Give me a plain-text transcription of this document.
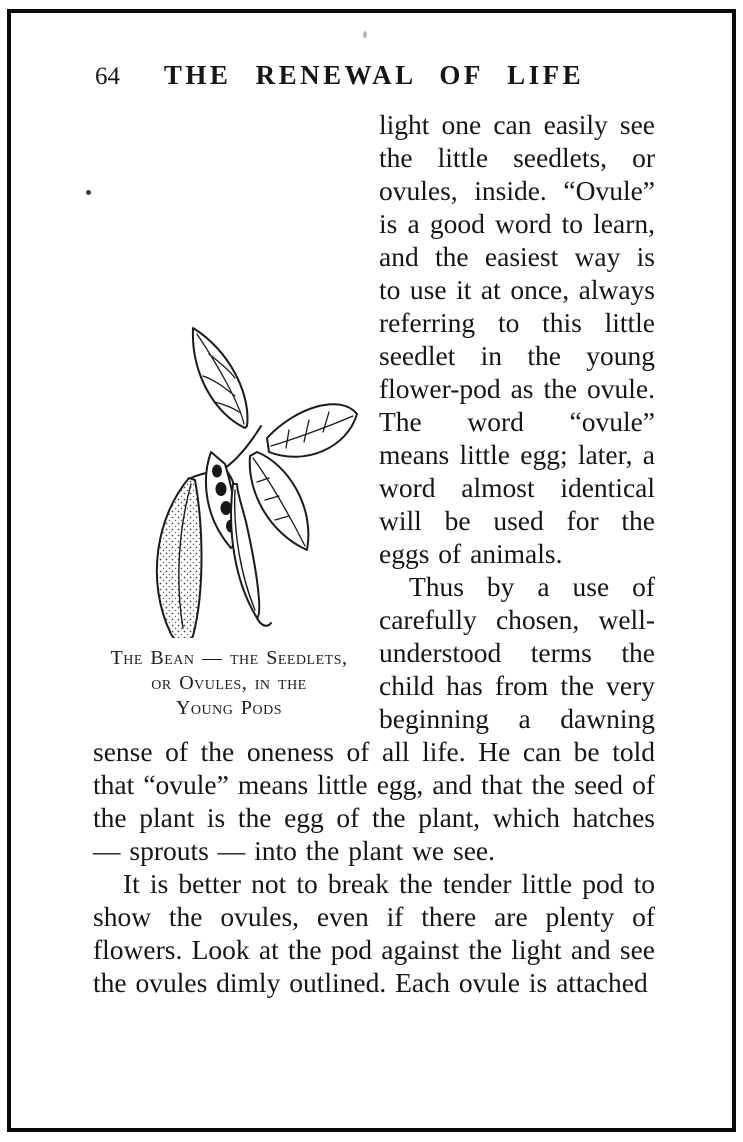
64	THE RENEWAL OF LIFE
The Bean — the Seedlets,
or Ovules, in the
Young Pods

light one can easily see the little seedlets, or ovules, inside. “Ovule” is a good word to learn, and the easiest way is to use it at once, always referring to this little seedlet in the young flower-pod as the ovule. The word “ovule” means little egg; later, a word almost identical will be used for the eggs of animals.

Thus by a use of carefully chosen, well-understood terms the child has from the very beginning a dawning sense of the oneness of all life. He can be told that “ovule” means little egg, and that the seed of the plant is the egg of the plant, which hatches — sprouts — into the plant we see.

It is better not to break the tender little pod to show the ovules, even if there are plenty of flowers. Look at the pod against the light and see the ovules dimly outlined. Each ovule is attached
